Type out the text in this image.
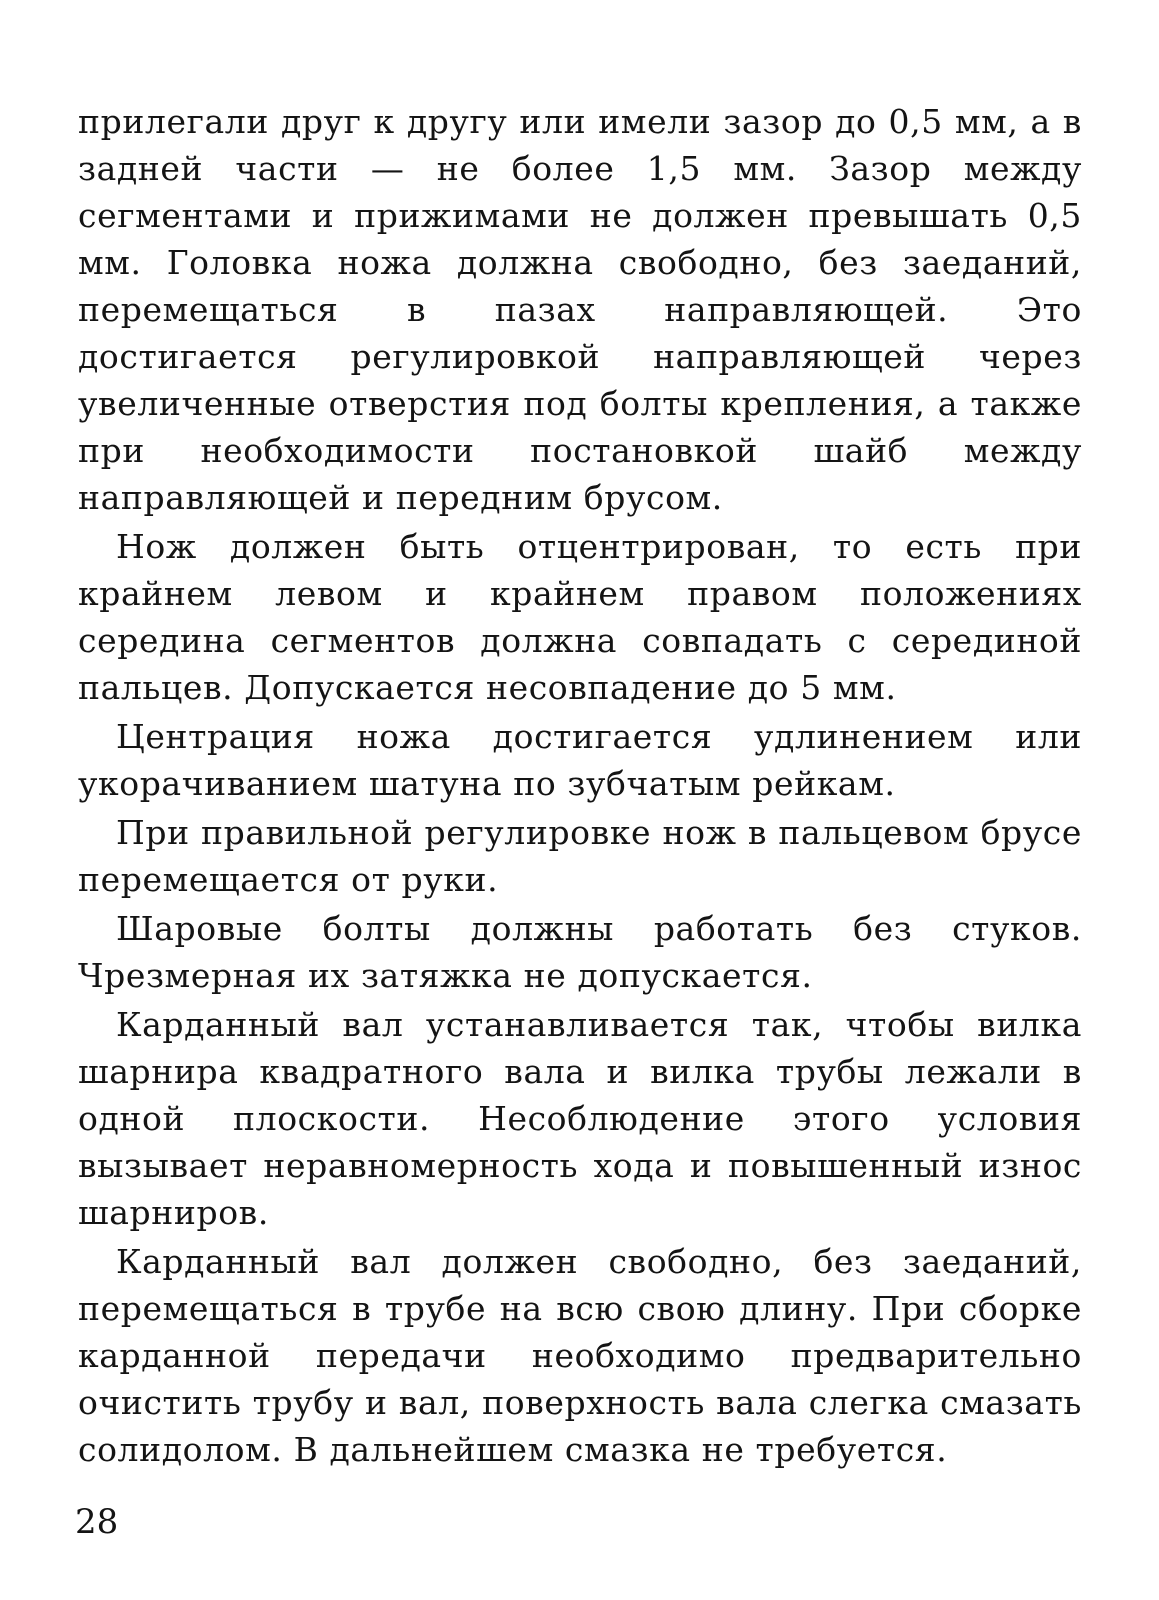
прилегали друг к другу или имели зазор до 0,5 мм, а в задней части — не более 1,5 мм. Зазор между сегментами и прижимами не должен превышать 0,5 мм. Головка ножа должна свободно, без заеданий, перемещаться в пазах направляющей. Это достигается регулировкой направляющей через увеличенные отверстия под болты крепления, а также при необходимости постановкой шайб между направляющей и передним брусом.

Нож должен быть отцентрирован, то есть при крайнем левом и крайнем правом положениях середина сегментов должна совпадать с серединой пальцев. Допускается несовпадение до 5 мм.

Центрация ножа достигается удлинением или укорачиванием шатуна по зубчатым рейкам.

При правильной регулировке нож в пальцевом брусе перемещается от руки.

Шаровые болты должны работать без стуков. Чрезмерная их затяжка не допускается.

Карданный вал устанавливается так, чтобы вилка шарнира квадратного вала и вилка трубы лежали в одной плоскости. Несоблюдение этого условия вызывает неравномерность хода и повышенный износ шарниров.

Карданный вал должен свободно, без заеданий, перемещаться в трубе на всю свою длину. При сборке карданной передачи необходимо предварительно очистить трубу и вал, поверхность вала слегка смазать солидолом. В дальнейшем смазка не требуется.

28
